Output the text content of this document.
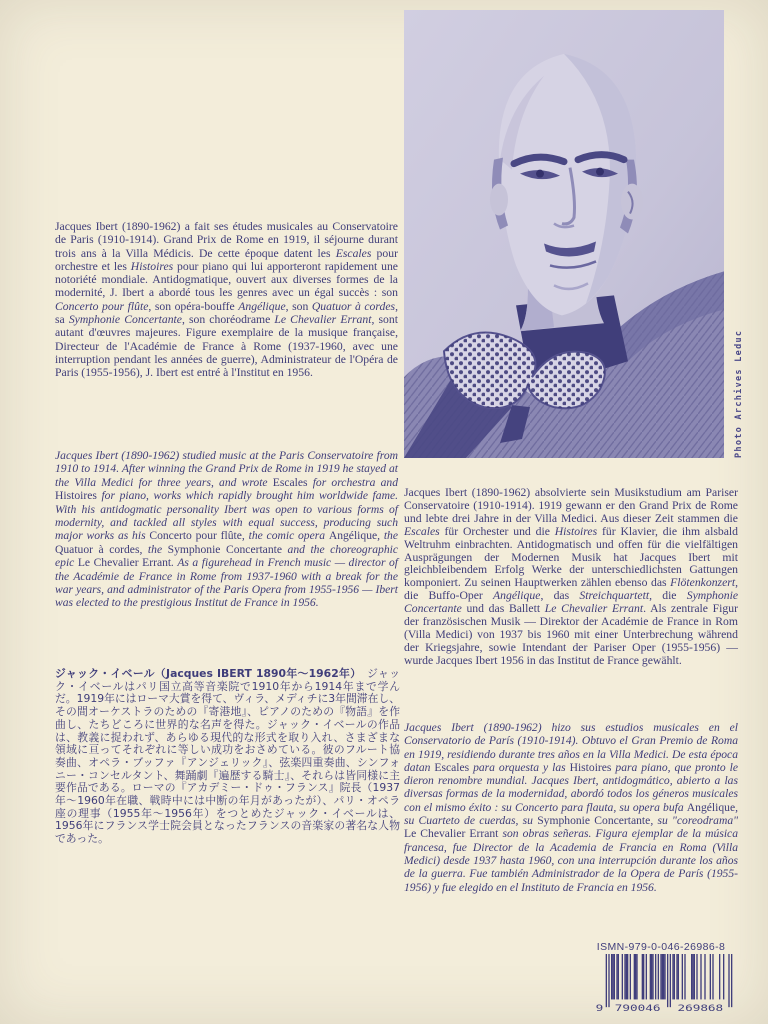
Photo Archives Leduc

Jacques Ibert (1890-1962) a fait ses études musicales au Conservatoire de Paris (1910-1914). Grand Prix de Rome en 1919, il séjourne durant trois ans à la Villa Médicis. De cette époque datent les Escales pour orchestre et les Histoires pour piano qui lui apporteront rapidement une notoriété mondiale. Antidogmatique, ouvert aux diverses formes de la modernité, J. Ibert a abordé tous les genres avec un égal succès : son Concerto pour flûte, son opéra-bouffe Angélique, son Quatuor à cordes, sa Symphonie Concertante, son choréodrame Le Chevalier Errant, sont autant d'œuvres majeures. Figure exemplaire de la musique française, Directeur de l'Académie de France à Rome (1937-1960, avec une interruption pendant les années de guerre), Administrateur de l'Opéra de Paris (1955-1956), J. Ibert est entré à l'Institut en 1956.

Jacques Ibert (1890-1962) studied music at the Paris Conservatoire from 1910 to 1914. After winning the Grand Prix de Rome in 1919 he stayed at the Villa Medici for three years, and wrote Escales for orchestra and Histoires for piano, works which rapidly brought him worldwide fame. With his antidogmatic personality Ibert was open to various forms of modernity, and tackled all styles with equal success, producing such major works as his Concerto pour flûte, the comic opera Angélique, the Quatuor à cordes, the Symphonie Concertante and the choreographic epic Le Chevalier Errant. As a figurehead in French music — director of the Académie de France in Rome from 1937-1960 with a break for the war years, and administrator of the Paris Opera from 1955-1956 — Ibert was elected to the prestigious Institut de France in 1956.

ジャック・イベール（Jacques IBERT 1890年～1962年）　ジャック・イベールはパリ国立高等音楽院で1910年から1914年まで学んだ。1919年にはローマ大賞を得て、ヴィラ、メディチに3年間滞在し、その間オーケストラのための『寄港地』、ピアノのための『物語』を作曲し、たちどころに世界的な名声を得た。ジャック・イベールの作品は、教義に捉われず、あらゆる現代的な形式を取り入れ、さまざまな領域に亘ってそれぞれに等しい成功をおさめている。彼のフルート協奏曲、オペラ・ブッファ『アンジェリック』、弦楽四重奏曲、シンフォニー・コンセルタント、舞踊劇『遍歴する騎士』、それらは皆同様に主要作品である。ローマの『アカデミー・ドゥ・フランス』院長（1937年～1960年在職、戦時中には中断の年月があったが）、パリ・オペラ座の理事（1955年～1956年）をつとめたジャック・イベールは、1956年にフランス学士院会員となったフランスの音楽家の著名な人物であった。

Jacques Ibert (1890-1962) absolvierte sein Musikstudium am Pariser Conservatoire (1910-1914). 1919 gewann er den Grand Prix de Rome und lebte drei Jahre in der Villa Medici. Aus dieser Zeit stammen die Escales für Orchester und die Histoires für Klavier, die ihm alsbald Weltruhm einbrachten. Antidogmatisch und offen für die vielfältigen Ausprägungen der Modernen Musik hat Jacques Ibert mit gleichbleibendem Erfolg Werke der unterschiedlichsten Gattungen komponiert. Zu seinen Hauptwerken zählen ebenso das Flötenkonzert, die Buffo-Oper Angélique, das Streichquartett, die Symphonie Concertante und das Ballett Le Chevalier Errant. Als zentrale Figur der französischen Musik — Direktor der Académie de France in Rom (Villa Medici) von 1937 bis 1960 mit einer Unterbrechung während der Kriegsjahre, sowie Intendant der Pariser Oper (1955-1956) — wurde Jacques Ibert 1956 in das Institut de France gewählt.

Jacques Ibert (1890-1962) hizo sus estudios musicales en el Conservatorio de París (1910-1914). Obtuvo el Gran Premio de Roma en 1919, residiendo durante tres años en la Villa Medici. De esta época datan Escales para orquesta y las Histoires para piano, que pronto le dieron renombre mundial. Jacques Ibert, antidogmático, abierto a las diversas formas de la modernidad, abordó todos los géneros musicales con el mismo éxito : su Concerto para flauta, su opera bufa Angélique, su Cuarteto de cuerdas, su Symphonie Concertante, su "coreodrama" Le Chevalier Errant son obras señeras. Figura ejemplar de la música francesa, fue Director de la Academia de Francia en Roma (Villa Medici) desde 1937 hasta 1960, con una interrupción durante los años de la guerra. Fue también Administrador de la Opera de París (1955-1956) y fue elegido en el Instituto de Francia en 1956.

ISMN-979-0-046-26986-8

9 790046 269868
